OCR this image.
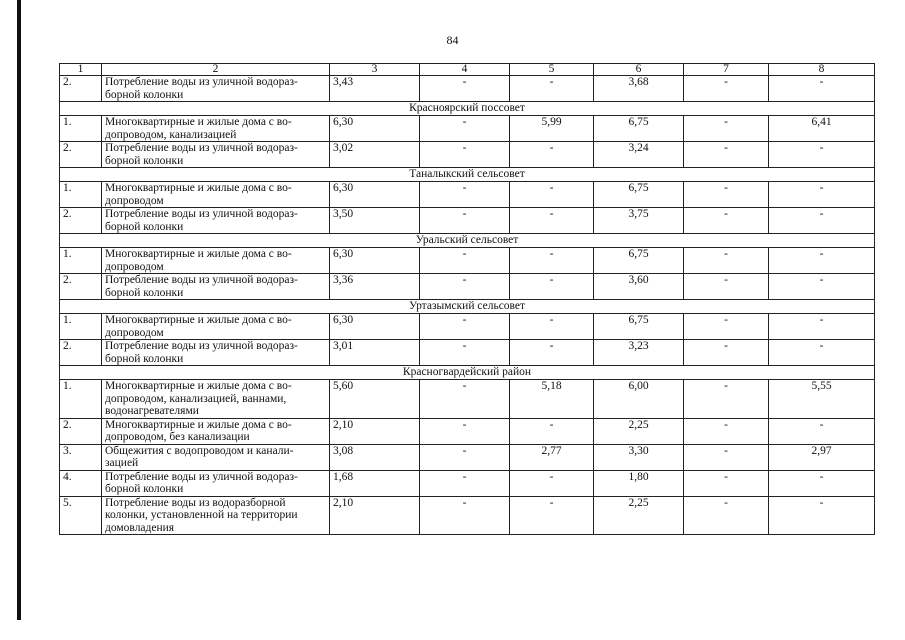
84
1	2	3	4	5	6	7	8
2.	Потребление воды из уличной водораз-борной колонки	3,43	-	-	3,68	-	-
Красноярский поссовет							
1.	Многоквартирные и жилые дома с во-допроводом, канализацией	6,30	-	5,99	6,75	-	6,41
2.	Потребление воды из уличной водораз-борной колонки	3,02	-	-	3,24	-	-
Таналыкский сельсовет							
1.	Многоквартирные и жилые дома с во-допроводом	6,30	-	-	6,75	-	-
2.	Потребление воды из уличной водораз-борной колонки	3,50	-	-	3,75	-	-
Уральский сельсовет							
1.	Многоквартирные и жилые дома с во-допроводом	6,30	-	-	6,75	-	-
2.	Потребление воды из уличной водораз-борной колонки	3,36	-	-	3,60	-	-
Уртазымский сельсовет							
1.	Многоквартирные и жилые дома с во-допроводом	6,30	-	-	6,75	-	-
2.	Потребление воды из уличной водораз-борной колонки	3,01	-	-	3,23	-	-
Красногвардейский район							
1.	Многоквартирные и жилые дома с во-допроводом, канализацией, ваннами, водонагревателями	5,60	-	5,18	6,00	-	5,55
2.	Многоквартирные и жилые дома с во-допроводом, без канализации	2,10	-	-	2,25	-	-
3.	Общежития с водопроводом и канали-зацией	3,08	-	2,77	3,30	-	2,97
4.	Потребление воды из уличной водораз-борной колонки	1,68	-	-	1,80	-	-
5.	Потребление воды из водоразборной колонки, установленной на территории домовладения	2,10	-	-	2,25	-	-
